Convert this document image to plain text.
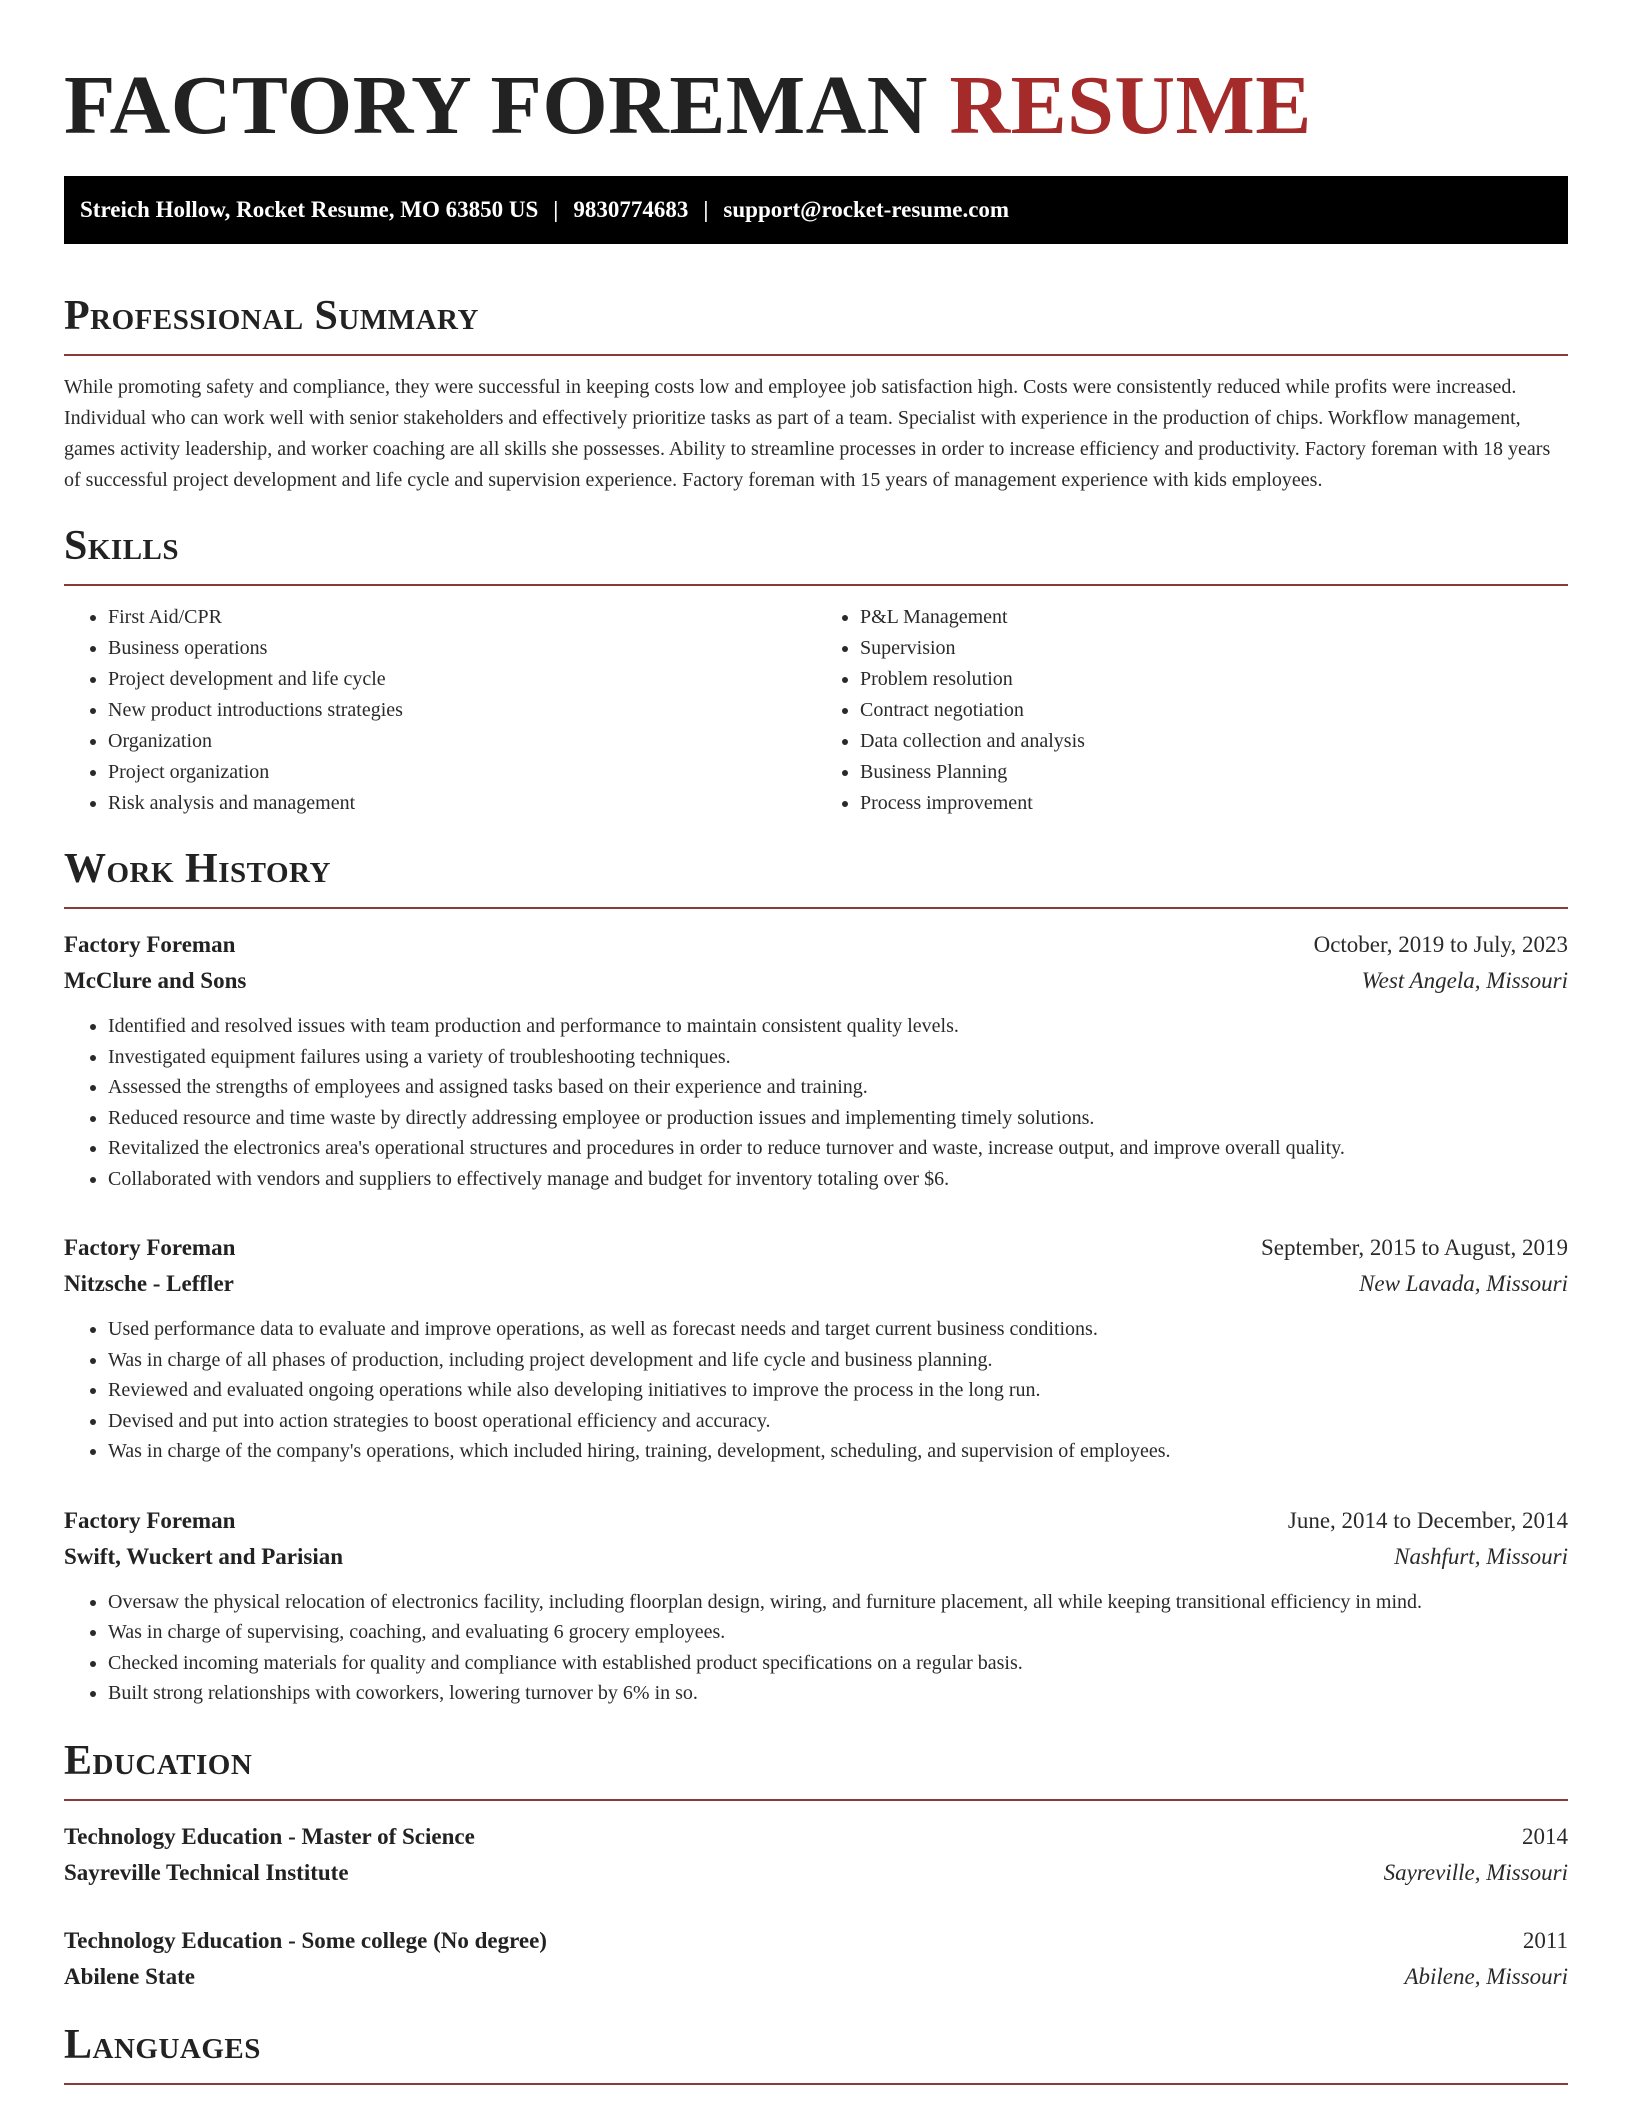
FACTORY FOREMAN RESUME
Streich Hollow, Rocket Resume, MO 63850 US | 9830774683 | support@rocket-resume.com
Professional Summary

While promoting safety and compliance, they were successful in keeping costs low and employee job satisfaction high. Costs were consistently reduced while profits were increased. Individual who can work well with senior stakeholders and effectively prioritize tasks as part of a team. Specialist with experience in the production of chips. Workflow management, games activity leadership, and worker coaching are all skills she possesses. Ability to streamline processes in order to increase efficiency and productivity. Factory foreman with 18 years of successful project development and life cycle and supervision experience. Factory foreman with 15 years of management experience with kids employees.

Skills
• First Aid/CPR
• Business operations
• Project development and life cycle
• New product introductions strategies
• Organization
• Project organization
• Risk analysis and management
• P&L Management
• Supervision
• Problem resolution
• Contract negotiation
• Data collection and analysis
• Business Planning
• Process improvement
Work History
Factory Foreman	October, 2019 to July, 2023
McClure and Sons	West Angela, Missouri
• Identified and resolved issues with team production and performance to maintain consistent quality levels.
• Investigated equipment failures using a variety of troubleshooting techniques.
• Assessed the strengths of employees and assigned tasks based on their experience and training.
• Reduced resource and time waste by directly addressing employee or production issues and implementing timely solutions.
• Revitalized the electronics area's operational structures and procedures in order to reduce turnover and waste, increase output, and improve overall quality.
• Collaborated with vendors and suppliers to effectively manage and budget for inventory totaling over $6.
Factory Foreman	September, 2015 to August, 2019
Nitzsche - Leffler	New Lavada, Missouri
• Used performance data to evaluate and improve operations, as well as forecast needs and target current business conditions.
• Was in charge of all phases of production, including project development and life cycle and business planning.
• Reviewed and evaluated ongoing operations while also developing initiatives to improve the process in the long run.
• Devised and put into action strategies to boost operational efficiency and accuracy.
• Was in charge of the company's operations, which included hiring, training, development, scheduling, and supervision of employees.
Factory Foreman	June, 2014 to December, 2014
Swift, Wuckert and Parisian	Nashfurt, Missouri
• Oversaw the physical relocation of electronics facility, including floorplan design, wiring, and furniture placement, all while keeping transitional efficiency in mind.
• Was in charge of supervising, coaching, and evaluating 6 grocery employees.
• Checked incoming materials for quality and compliance with established product specifications on a regular basis.
• Built strong relationships with coworkers, lowering turnover by 6% in so.
Education
Technology Education - Master of Science	2014
Sayreville Technical Institute	Sayreville, Missouri
Technology Education - Some college (No degree)	2011
Abilene State	Abilene, Missouri
Languages
